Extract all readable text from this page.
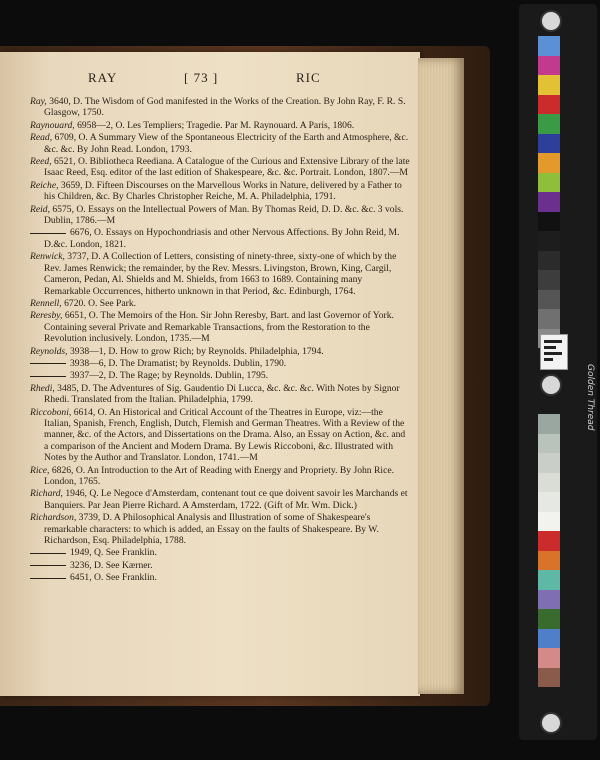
RAY	[ 73 ]	RIC

Ray, 3640, D. The Wisdom of God manifested in the Works of the Creation. By John Ray, F. R. S. Glasgow, 1750.

Raynouard, 6958—2, O. Les Templiers; Tragedie. Par M. Raynouard. A Paris, 1806.

Read, 6709, O. A Summary View of the Spontaneous Electricity of the Earth and Atmosphere, &c. &c. &c. By John Read. London, 1793.

Reed, 6521, O. Bibliotheca Reediana. A Catalogue of the Curious and Extensive Library of the late Isaac Reed, Esq. editor of the last edition of Shakespeare, &c. &c. Portrait. London, 1807.—M

Reiche, 3659, D. Fifteen Discourses on the Marvellous Works in Nature, delivered by a Father to his Children, &c. By Charles Christopher Reiche, M. A. Philadelphia, 1791.

Reid, 6575, O. Essays on the Intellectual Powers of Man. By Thomas Reid, D. D. &c. &c. 3 vols. Dublin, 1786.—M

6676, O. Essays on Hypochondriasis and other Nervous Affections. By John Reid, M. D.&c. London, 1821.

Renwick, 3737, D. A Collection of Letters, consisting of ninety-three, sixty-one of which by the Rev. James Renwick; the remainder, by the Rev. Messrs. Livingston, Brown, King, Cargil, Cameron, Pedan, Al. Shields and M. Shields, from 1663 to 1689. Containing many Remarkable Occurrences, hitherto unknown in that Period, &c. Edinburgh, 1764.

Rennell, 6720. O. See Park.

Reresby, 6651, O. The Memoirs of the Hon. Sir John Reresby, Bart. and last Governor of York. Containing several Private and Remarkable Transactions, from the Restoration to the Revolution inclusively. London, 1735.—M

Reynolds, 3938—1, D. How to grow Rich; by Reynolds. Philadelphia, 1794.

3938—6, D. The Dramatist; by Reynolds. Dublin, 1790.

3937—2, D. The Rage; by Reynolds. Dublin, 1795.

Rhedi, 3485, D. The Adventures of Sig. Gaudentio Di Lucca, &c. &c. &c. With Notes by Signor Rhedi. Translated from the Italian. Philadelphia, 1799.

Riccoboni, 6614, O. An Historical and Critical Account of the Theatres in Europe, viz:—the Italian, Spanish, French, English, Dutch, Flemish and German Theatres. With a Review of the manner, &c. of the Actors, and Dissertations on the Drama. Also, an Essay on Action, &c. and a comparison of the Ancient and Modern Drama. By Lewis Riccoboni, &c. Illustrated with Notes by the Author and Translator. London, 1741.—M

Rice, 6826, O. An Introduction to the Art of Reading with Energy and Propriety. By John Rice. London, 1765.

Richard, 1946, Q. Le Negoce d'Amsterdam, contenant tout ce que doivent savoir les Marchands et Banquiers. Par Jean Pierre Richard. A Amsterdam, 1722. (Gift of Mr. Wm. Dick.)

Richardson, 3739, D. A Philosophical Analysis and Illustration of some of Shakespeare's remarkable characters: to which is added, an Essay on the faults of Shakespeare. By W. Richardson, Esq. Philadelphia, 1788.

1949, Q. See Franklin.

3236, D. See Kærner.

6451, O. See Franklin.

Golden Thread
